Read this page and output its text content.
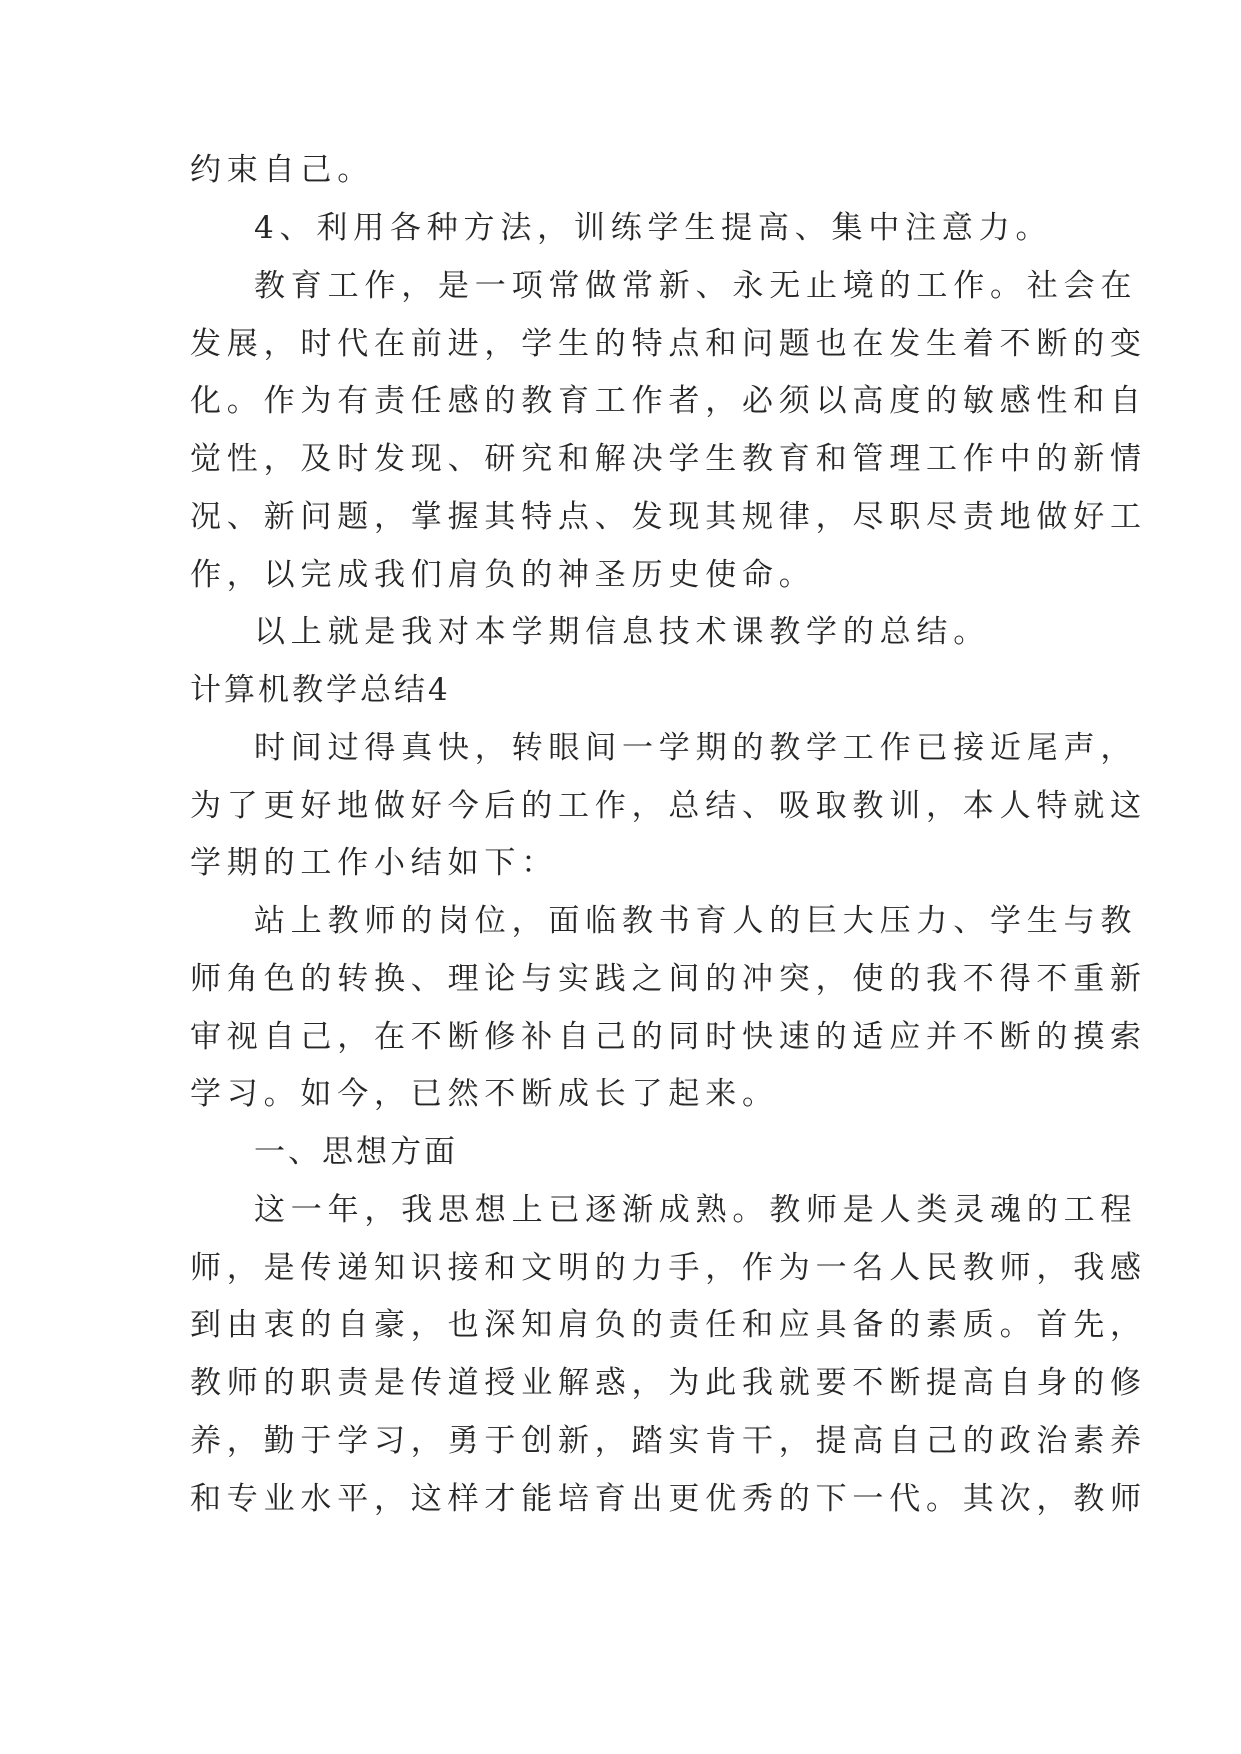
约束自己。
4、利用各种方法，训练学生提高、集中注意力。
教育工作，是一项常做常新、永无止境的工作。社会在
发展，时代在前进，学生的特点和问题也在发生着不断的变
化。作为有责任感的教育工作者，必须以高度的敏感性和自
觉性，及时发现、研究和解决学生教育和管理工作中的新情
况、新问题，掌握其特点、发现其规律，尽职尽责地做好工
作，以完成我们肩负的神圣历史使命。
以上就是我对本学期信息技术课教学的总结。
计算机教学总结4
时间过得真快，转眼间一学期的教学工作已接近尾声，
为了更好地做好今后的工作，总结、吸取教训，本人特就这
学期的工作小结如下：
站上教师的岗位，面临教书育人的巨大压力、学生与教
师角色的转换、理论与实践之间的冲突，使的我不得不重新
审视自己，在不断修补自己的同时快速的适应并不断的摸索
学习。如今，已然不断成长了起来。
一、思想方面
这一年，我思想上已逐渐成熟。教师是人类灵魂的工程
师，是传递知识接和文明的力手，作为一名人民教师，我感
到由衷的自豪，也深知肩负的责任和应具备的素质。首先，
教师的职责是传道授业解惑，为此我就要不断提高自身的修
养，勤于学习，勇于创新，踏实肯干，提高自己的政治素养
和专业水平，这样才能培育出更优秀的下一代。其次，教师
